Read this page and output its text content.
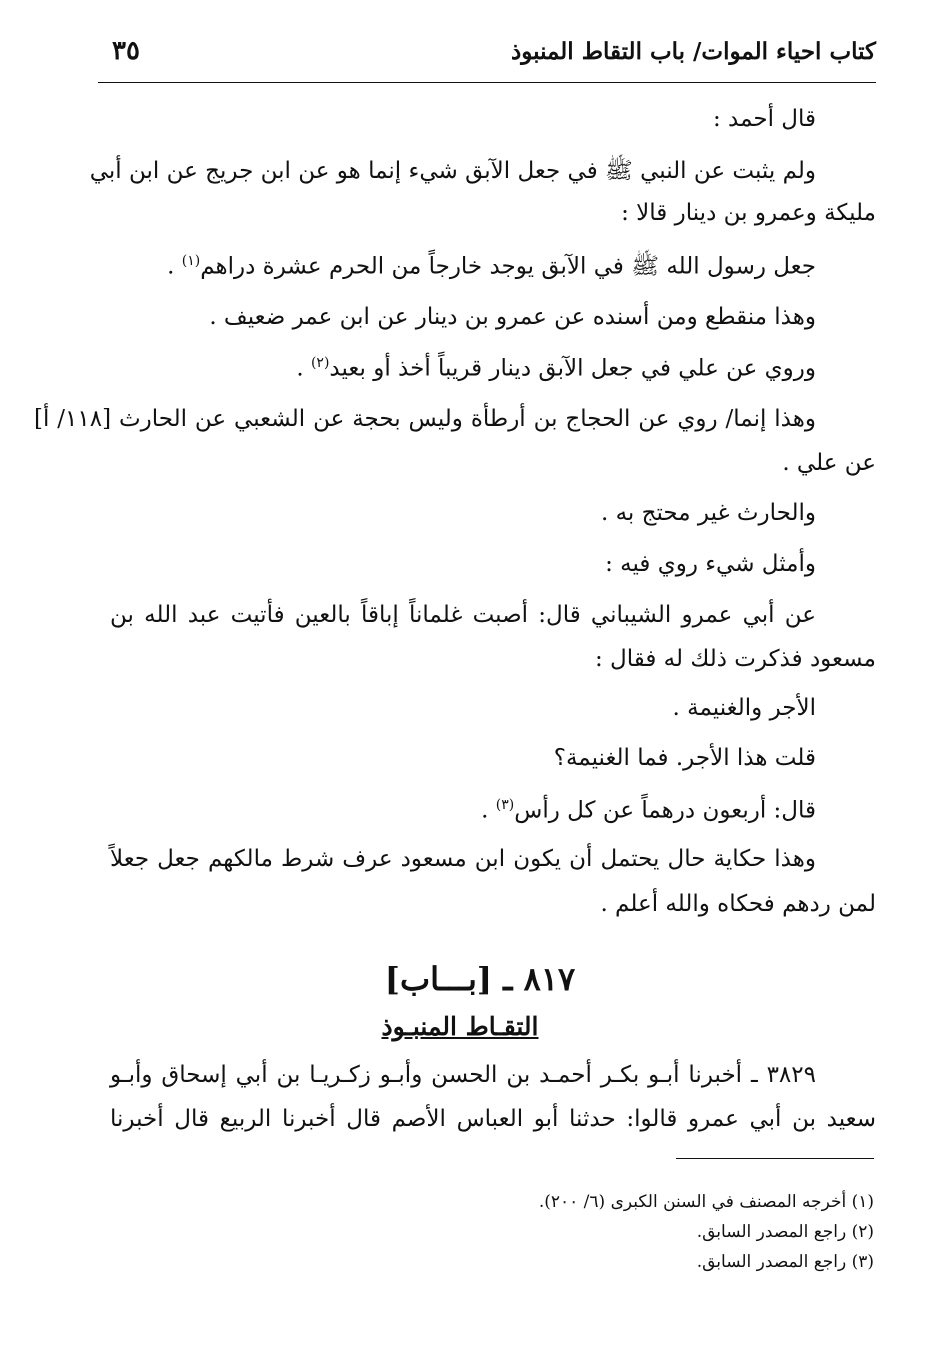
كتاب احياء الموات/ باب التقاط المنبوذ
٣٥
قال أحمد :
ولم يثبت عن النبي ﷺ في جعل الآبق شيء إنما هو عن ابن جريج عن ابن أبي
مليكة وعمرو بن دينار قالا :
جعل رسول الله ﷺ في الآبق يوجد خارجاً من الحرم عشرة دراهم$^{(١)}$ .
وهذا منقطع ومن أسنده عن عمرو بن دينار عن ابن عمر ضعيف .
وروي عن علي في جعل الآبق دينار قريباً أخذ أو بعيد$^{(٢)}$ .
وهذا إنما/ روي عن الحجاج بن أرطأة وليس بحجة عن الشعبي عن الحارث [١١٨/ أ]
عن علي .
والحارث غير محتج به .
وأمثل شيء روي فيه :
عن أبي عمرو الشيباني قال: أصبت غلماناً إباقاً بالعين فأتيت عبد الله بن
مسعود فذكرت ذلك له فقال :
الأجر والغنيمة .
قلت هذا الأجر. فما الغنيمة؟
قال: أربعون درهماً عن كل رأس$^{(٣)}$ .
وهذا حكاية حال يحتمل أن يكون ابن مسعود عرف شرط مالكهم جعل جعلاً
لمن ردهم فحكاه والله أعلم .
٨١٧ ـ [بـــاب]
التقـاط المنبـوذ
٣٨٢٩ ـ أخبرنا أبـو بكـر أحمـد بن الحسن وأبـو زكـريـا بن أبي إسحاق وأبـو
سعيد بن أبي عمرو قالوا: حدثنا أبو العباس الأصم قال أخبرنا الربيع قال أخبرنا
(١) أخرجه المصنف في السنن الكبرى (٦/ ٢٠٠).
(٢) راجع المصدر السابق.
(٣) راجع المصدر السابق.
